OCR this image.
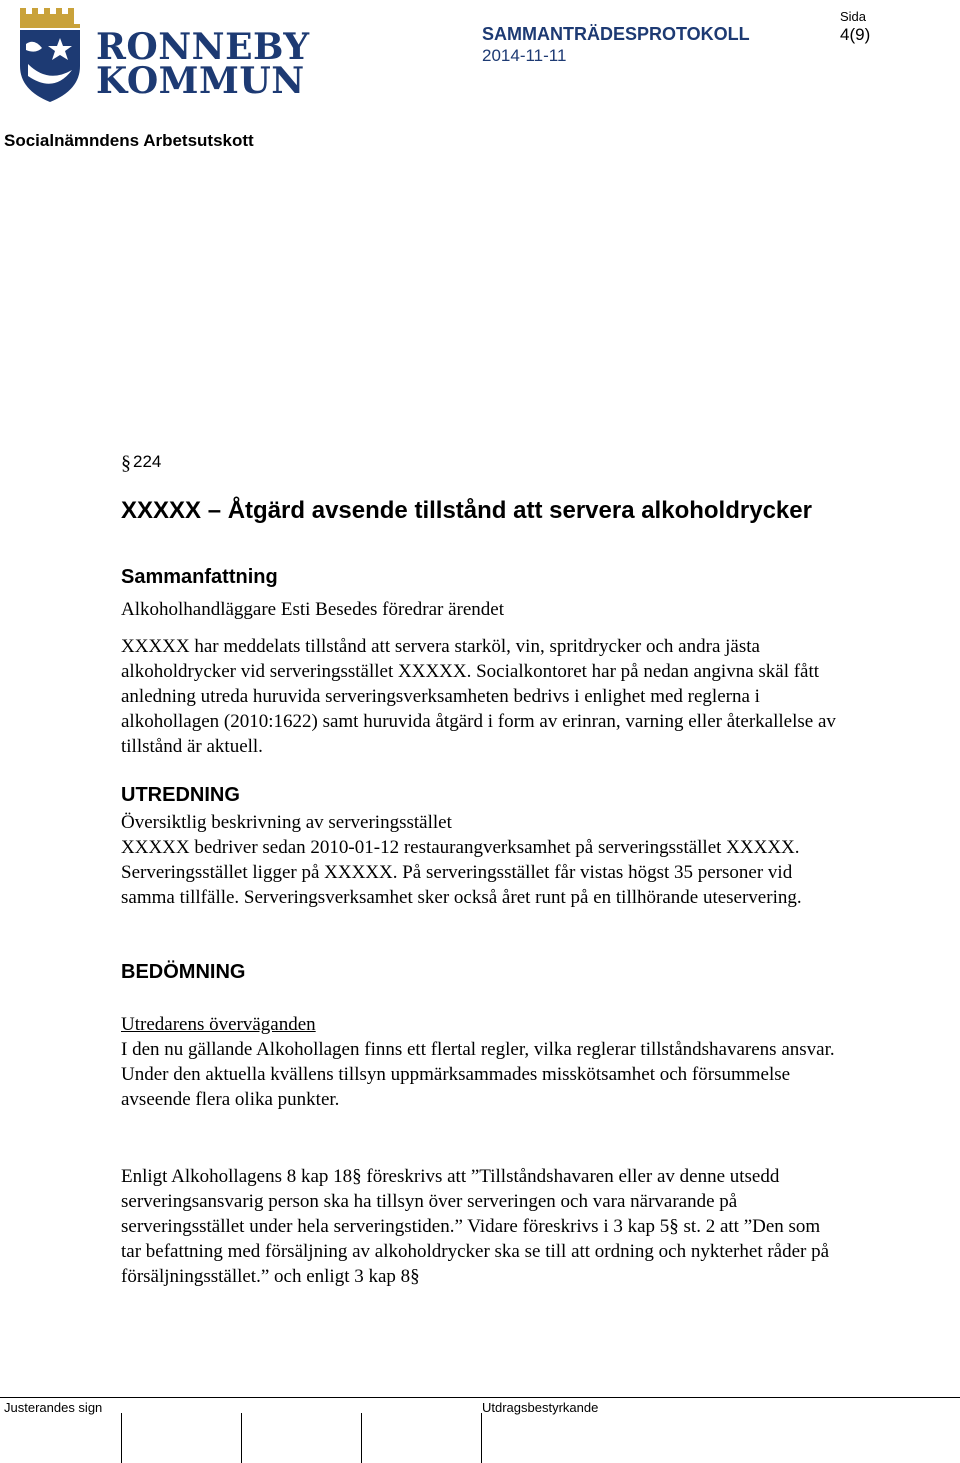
RONNEBY
KOMMUN
SAMMANTRÄDESPROTOKOLL
2014-11-11
Sida
4(9)
Socialnämndens Arbetsutskott
§ 224
XXXXX – Åtgärd avsende tillstånd att servera alkoholdrycker
Sammanfattning
Alkoholhandläggare Esti Besedes föredrar ärendet
XXXXX har meddelats tillstånd att servera starköl, vin, spritdrycker och andra jästa alkoholdrycker vid serveringsstället XXXXX. Socialkontoret har på nedan angivna skäl fått anledning utreda huruvida serveringsverksamheten bedrivs i enlighet med reglerna i alkohollagen (2010:1622) samt huruvida åtgärd i form av erinran, varning eller återkallelse av tillstånd är aktuell.
UTREDNING
Översiktlig beskrivning av serveringsstället
XXXXX bedriver sedan 2010-01-12 restaurangverksamhet på serveringsstället XXXXX. Serveringsstället ligger på XXXXX. På serveringsstället får vistas högst 35 personer vid samma tillfälle. Serveringsverksamhet sker också året runt på en tillhörande uteservering.
BEDÖMNING
Utredarens överväganden
I den nu gällande Alkohollagen finns ett flertal regler, vilka reglerar tillståndshavarens ansvar. Under den aktuella kvällens tillsyn uppmärksammades misskötsamhet och försummelse avseende flera olika punkter.
Enligt Alkohollagens 8 kap 18§ föreskrivs att ”Tillståndshavaren eller av denne utsedd serveringsansvarig person ska ha tillsyn över serveringen och vara närvarande på serveringsstället under hela serveringstiden.” Vidare föreskrivs i 3 kap 5§ st. 2 att ”Den som tar befattning med försäljning av alkoholdrycker ska se till att ordning och nykterhet råder på försäljningsstället.” och enligt 3 kap 8§
Justerandes sign	Utdragsbestyrkande
